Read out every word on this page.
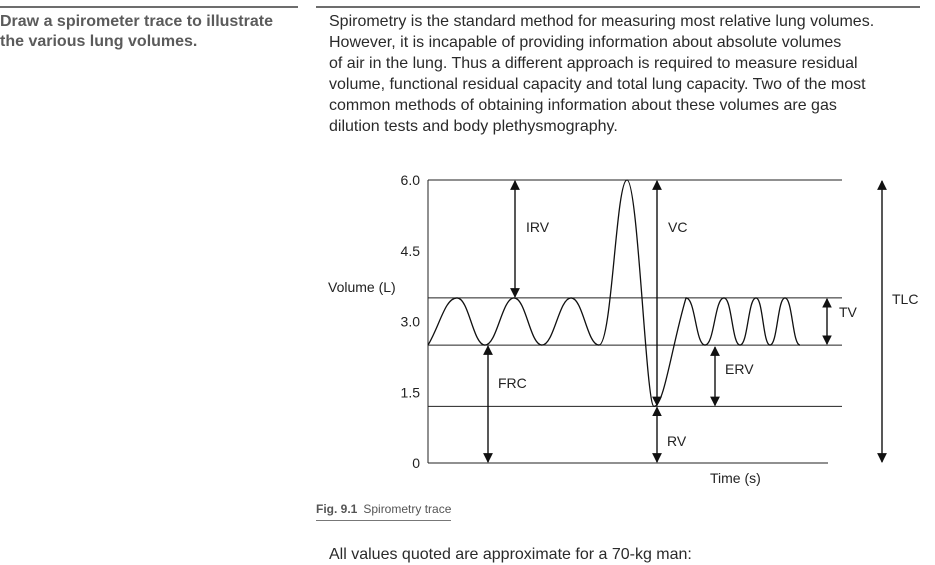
Draw a spirometer trace to illustrate the various lung volumes.
Spirometry is the standard method for measuring most relative lung volumes.
However, it is incapable of providing information about absolute volumes
of air in the lung. Thus a different approach is required to measure residual
volume, functional residual capacity and total lung capacity. Two of the most
common methods of obtaining information about these volumes are gas
dilution tests and body plethysmography.
6.0
4.5
3.0
1.5
0
IRV	VC
FRC
ERV
RV
TV
TLC
Volume (L)
Time (s)
Fig. 9.1 Spirometry trace
All values quoted are approximate for a 70-kg man:
